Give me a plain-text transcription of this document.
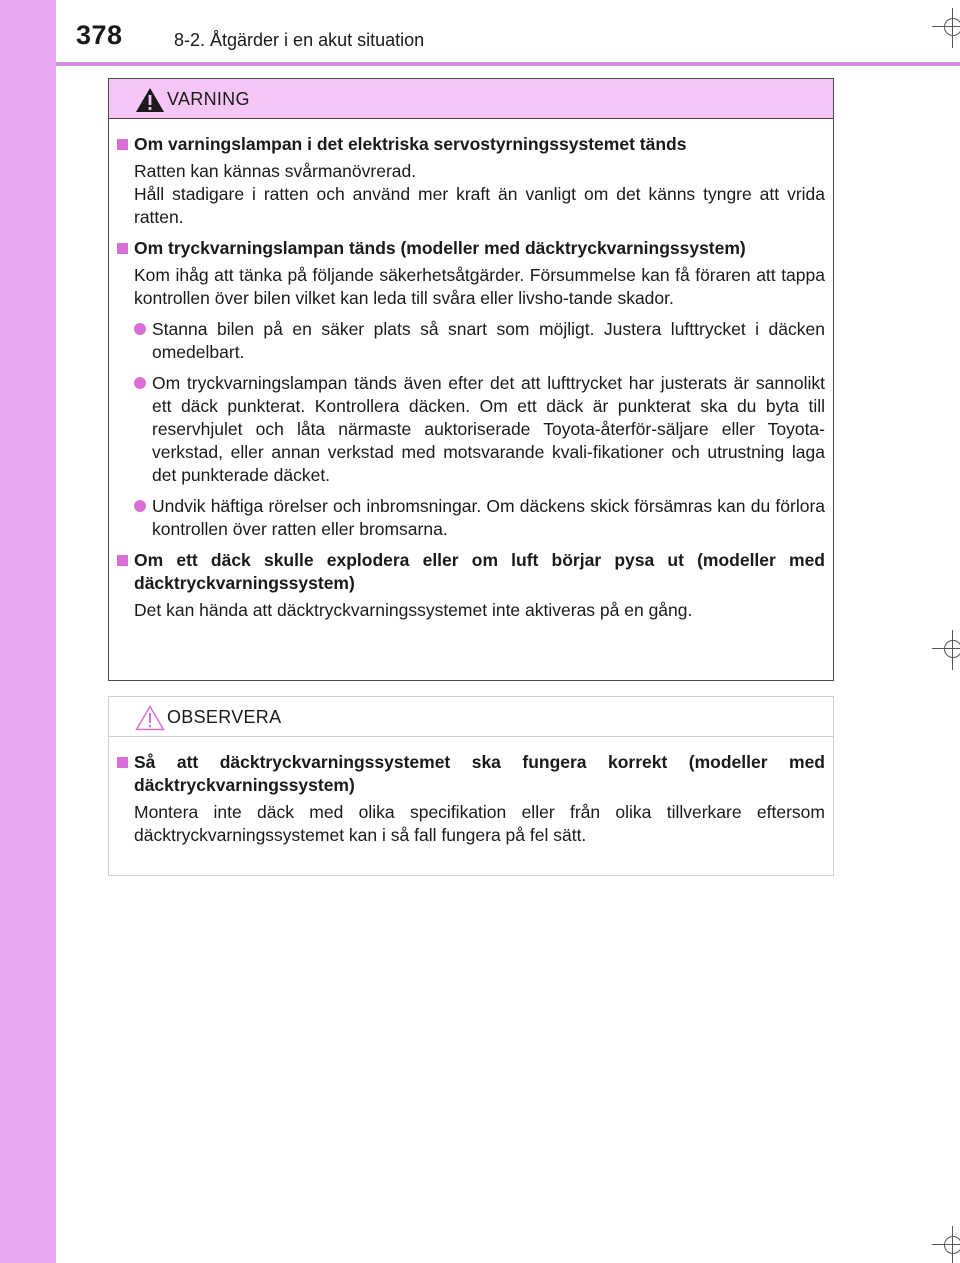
378	8-2. Åtgärder i en akut situation
VARNING
Om varningslampan i det elektriska servostyrningssystemet tänds
Ratten kan kännas svårmanövrerad.
Håll stadigare i ratten och använd mer kraft än vanligt om det känns tyngre att vrida ratten.
Om tryckvarningslampan tänds (modeller med däcktryckvarningssystem)
Kom ihåg att tänka på följande säkerhetsåtgärder. Försummelse kan få föraren att tappa kontrollen över bilen vilket kan leda till svåra eller livsho-tande skador.
Stanna bilen på en säker plats så snart som möjligt. Justera lufttrycket i däcken omedelbart.
Om tryckvarningslampan tänds även efter det att lufttrycket har justerats är sannolikt ett däck punkterat. Kontrollera däcken. Om ett däck är punkterat ska du byta till reservhjulet och låta närmaste auktoriserade Toyota-återför-säljare eller Toyota-verkstad, eller annan verkstad med motsvarande kvali-fikationer och utrustning laga det punkterade däcket.
Undvik häftiga rörelser och inbromsningar. Om däckens skick försämras kan du förlora kontrollen över ratten eller bromsarna.
Om ett däck skulle explodera eller om luft börjar pysa ut (modeller med däcktryckvarningssystem)
Det kan hända att däcktryckvarningssystemet inte aktiveras på en gång.
OBSERVERA
Så att däcktryckvarningssystemet ska fungera korrekt (modeller med däcktryckvarningssystem)
Montera inte däck med olika specifikation eller från olika tillverkare eftersom däcktryckvarningssystemet kan i så fall fungera på fel sätt.
